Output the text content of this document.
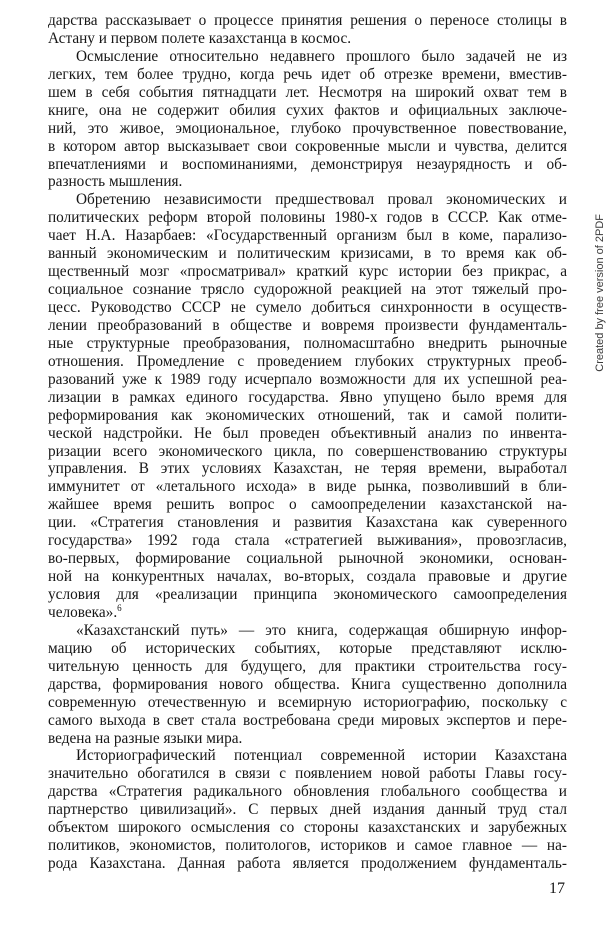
дарства рассказывает о процессе принятия решения о переносе столицы в
Астану и первом полете казахстанца в космос.
Осмысление относительно недавнего прошлого было задачей не из
легких, тем более трудно, когда речь идет об отрезке времени, вместив-
шем в себя события пятнадцати лет. Несмотря на широкий охват тем в
книге, она не содержит обилия сухих фактов и официальных заключе-
ний, это живое, эмоциональное, глубоко прочувственное повествование,
в котором автор высказывает свои сокровенные мысли и чувства, делится
впечатлениями и воспоминаниями, демонстрируя незаурядность и об-
разность мышления.
Обретению независимости предшествовал провал экономических и
политических реформ второй половины 1980-х годов в СССР. Как отме-
чает Н.А. Назарбаев: «Государственный организм был в коме, парализо-
ванный экономическим и политическим кризисами, в то время как об-
щественный мозг «просматривал» краткий курс истории без прикрас, а
социальное сознание трясло судорожной реакцией на этот тяжелый про-
цесс. Руководство СССР не сумело добиться синхронности в осуществ-
лении преобразований в обществе и вовремя произвести фундаменталь-
ные структурные преобразования, полномасштабно внедрить рыночные
отношения. Промедление с проведением глубоких структурных преоб-
разований уже к 1989 году исчерпало возможности для их успешной реа-
лизации в рамках единого государства. Явно упущено было время для
реформирования как экономических отношений, так и самой полити-
ческой надстройки. Не был проведен объективный анализ по инвента-
ризации всего экономического цикла, по совершенствованию структуры
управления. В этих условиях Казахстан, не теряя времени, выработал
иммунитет от «летального исхода» в виде рынка, позволивший в бли-
жайшее время решить вопрос о самоопределении казахстанской на-
ции. «Стратегия становления и развития Казахстана как суверенного
государства» 1992 года стала «стратегией выживания», провозгласив,
во-первых, формирование социальной рыночной экономики, основан-
ной на конкурентных началах, во-вторых, создала правовые и другие
условия для «реализации принципа экономического самоопределения
человека».$^6$
«Казахстанский путь» — это книга, содержащая обширную инфор-
мацию об исторических событиях, которые представляют исклю-
чительную ценность для будущего, для практики строительства госу-
дарства, формирования нового общества. Книга существенно дополнила
современную отечественную и всемирную историографию, поскольку с
самого выхода в свет стала востребована среди мировых экспертов и пере-
ведена на разные языки мира.
Историографический потенциал современной истории Казахстана
значительно обогатился в связи с появлением новой работы Главы госу-
дарства «Стратегия радикального обновления глобального сообщества и
партнерство цивилизаций». С первых дней издания данный труд стал
объектом широкого осмысления со стороны казахстанских и зарубежных
политиков, экономистов, политологов, историков и самое главное — на-
рода Казахстана. Данная работа является продолжением фундаменталь-
17
Created by free version of 2PDF
